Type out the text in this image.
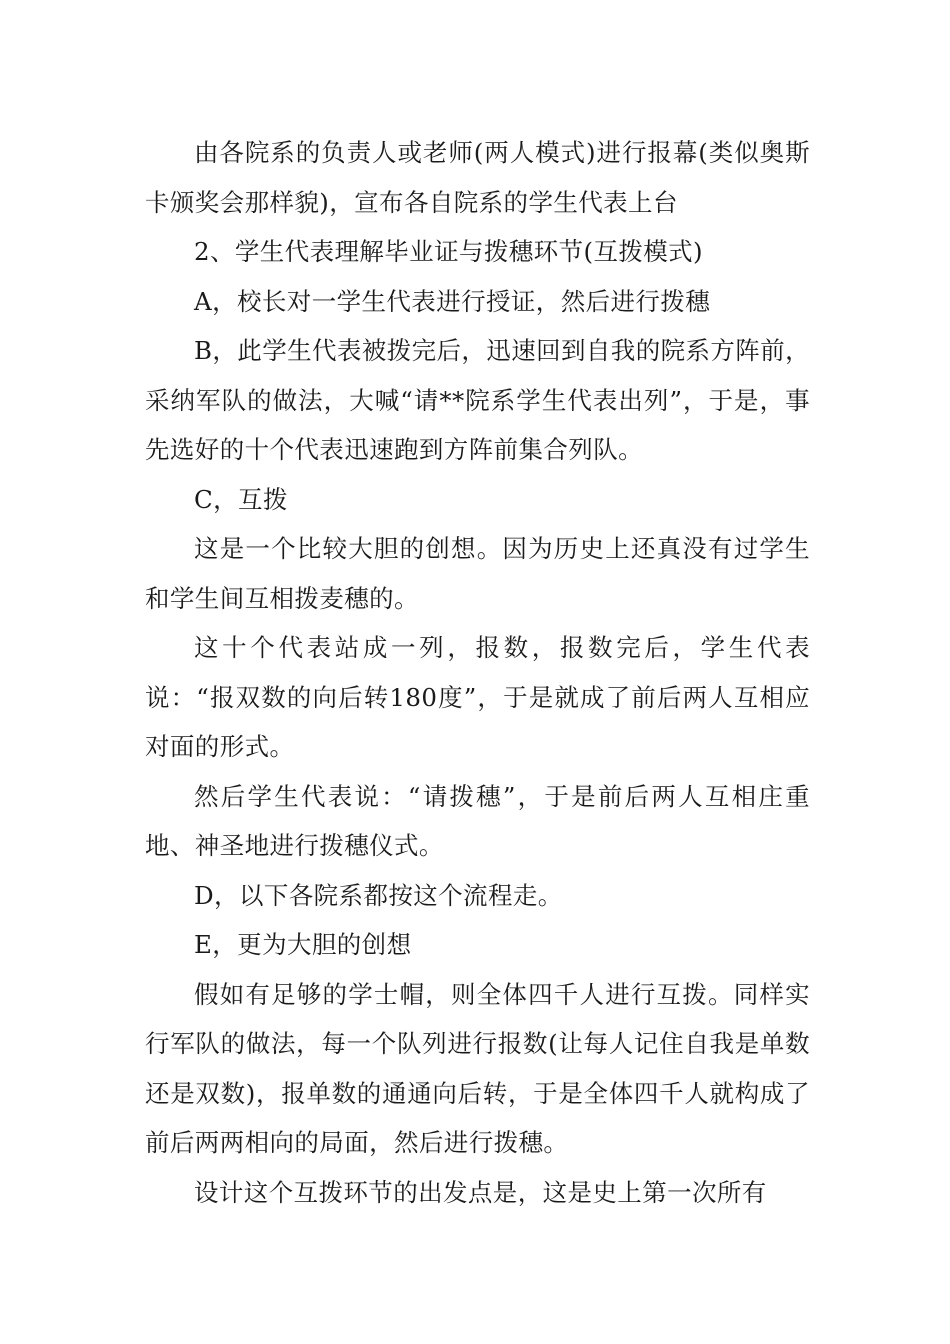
由各院系的负责人或老师(两人模式)进行报幕(类似奥斯卡颁奖会那样貌)，宣布各自院系的学生代表上台

2、学生代表理解毕业证与拨穗环节(互拨模式)

A，校长对一学生代表进行授证，然后进行拨穗

B，此学生代表被拨完后，迅速回到自我的院系方阵前，采纳军队的做法，大喊“请**院系学生代表出列”，于是，事先选好的十个代表迅速跑到方阵前集合列队。

C，互拨

这是一个比较大胆的创想。因为历史上还真没有过学生和学生间互相拨麦穗的。

这十个代表站成一列，报数，报数完后，学生代表说：“报双数的向后转180度”，于是就成了前后两人互相应对面的形式。

然后学生代表说：“请拨穗”，于是前后两人互相庄重地、神圣地进行拨穗仪式。

D，以下各院系都按这个流程走。

E，更为大胆的创想

假如有足够的学士帽，则全体四千人进行互拨。同样实行军队的做法，每一个队列进行报数(让每人记住自我是单数还是双数)，报单数的通通向后转，于是全体四千人就构成了前后两两相向的局面，然后进行拨穗。

设计这个互拨环节的出发点是，这是史上第一次所有
